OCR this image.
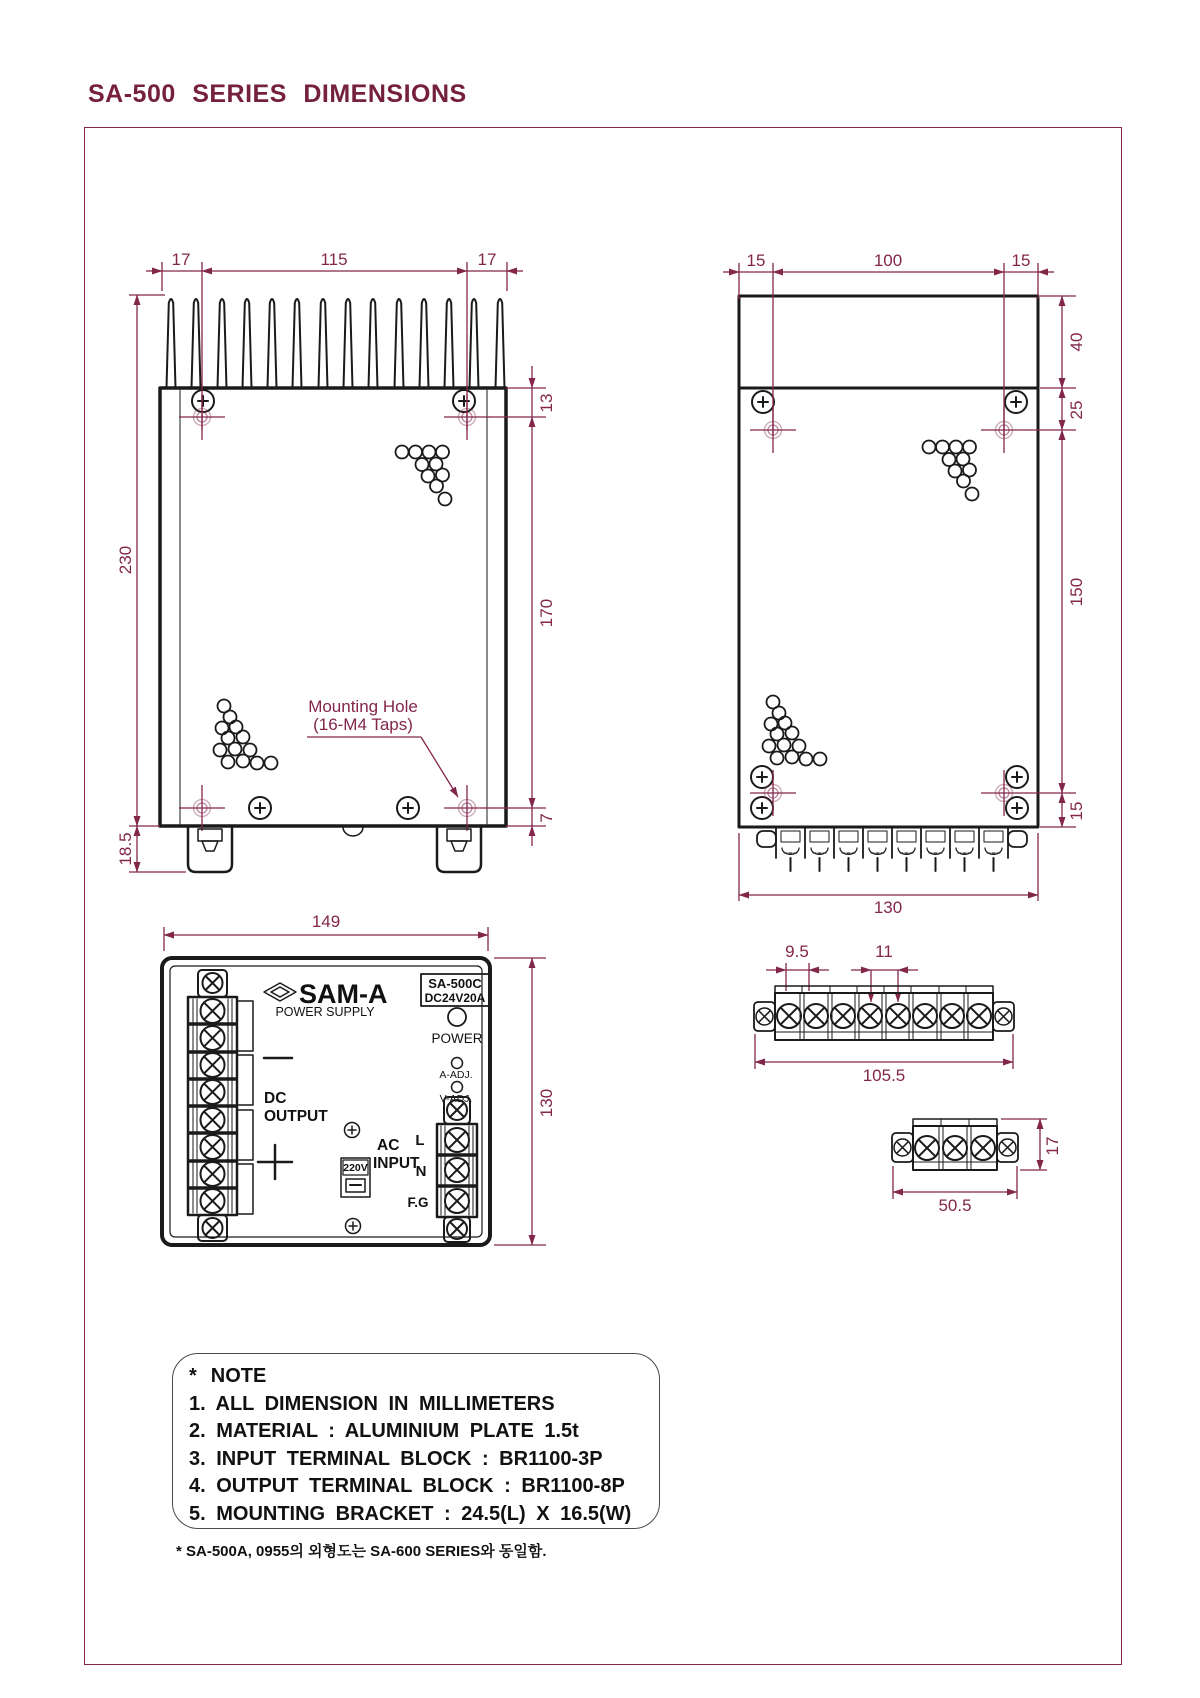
SA-500 SERIES DIMENSIONS
17	115	17
230
18.5
13
170
7
Mounting Hole
(16-M4 Taps)
15	100	15
40
25
150
15
130
149
130
SAM-A
POWER SUPPLY
SA-500C
DC24V20A
POWER
A-ADJ.
V-ADJ.
DC
OUTPUT
220V
AC
INPUT
L
N
F.G
9.5	11
105.5
17
50.5
* NOTE
1. ALL DIMENSION IN MILLIMETERS
2. MATERIAL : ALUMINIUM PLATE 1.5t
3. INPUT TERMINAL BLOCK : BR1100-3P
4. OUTPUT TERMINAL BLOCK : BR1100-8P
5. MOUNTING BRACKET : 24.5(L) X 16.5(W)
* SA-500A, 0955의 외형도는 SA-600 SERIES와 동일함.
